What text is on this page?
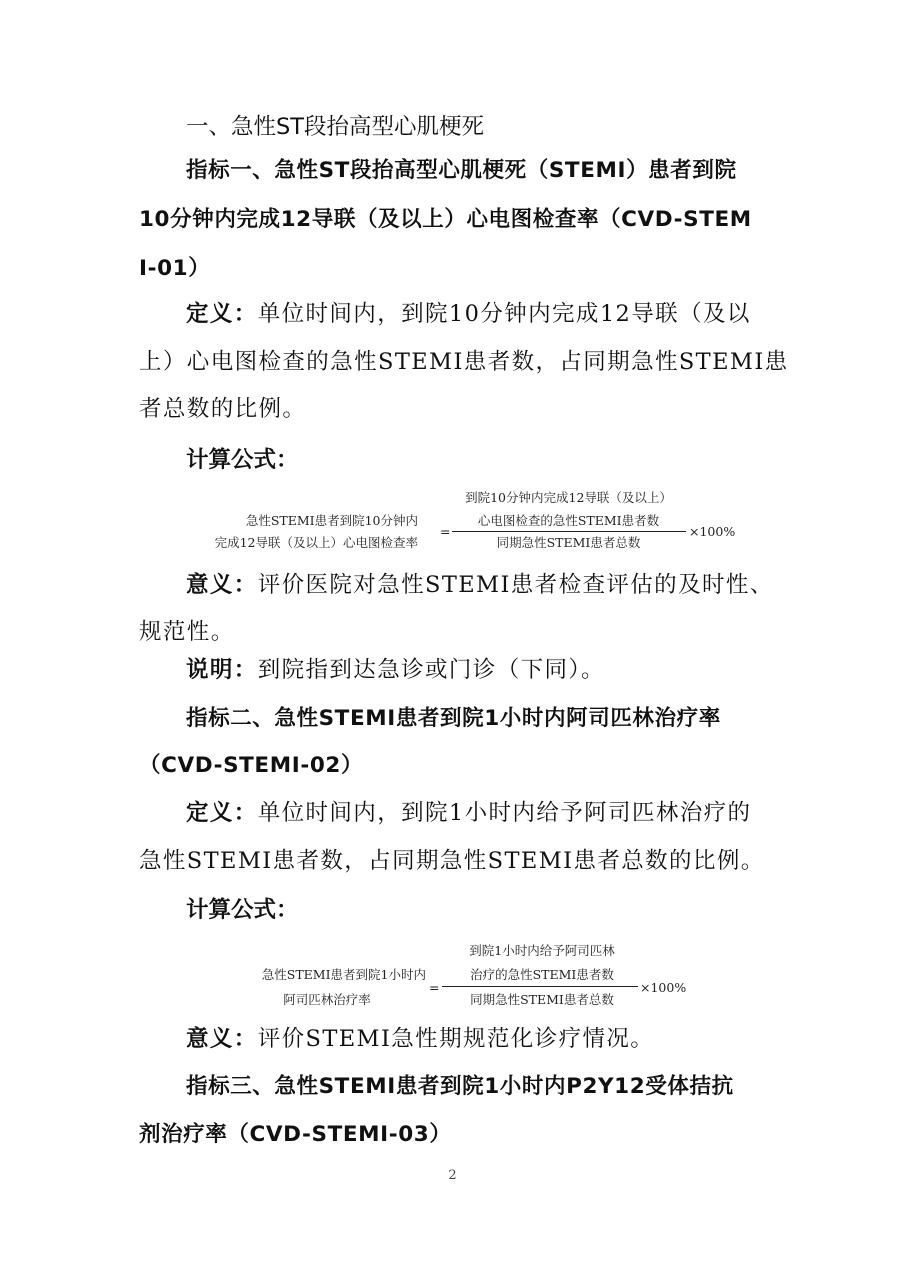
一、急性ST段抬高型心肌梗死
指标一、急性ST段抬高型心肌梗死（STEMI）患者到院
10分钟内完成12导联（及以上）心电图检查率（CVD-STEM
I-01）
定义：单位时间内，到院10分钟内完成12导联（及以
上）心电图检查的急性STEMI患者数，占同期急性STEMI患
者总数的比例。
计算公式：
急性STEMI患者到院10分钟内
完成12导联（及以上）心电图检查率
=
到院10分钟内完成12导联（及以上）
心电图检查的急性STEMI患者数
同期急性STEMI患者总数
×100%
意义：评价医院对急性STEMI患者检查评估的及时性、
规范性。
说明：到院指到达急诊或门诊（下同）。
指标二、急性STEMI患者到院1小时内阿司匹林治疗率
（CVD-STEMI-02）
定义：单位时间内，到院1小时内给予阿司匹林治疗的
急性STEMI患者数，占同期急性STEMI患者总数的比例。
计算公式：
急性STEMI患者到院1小时内
阿司匹林治疗率
=
到院1小时内给予阿司匹林
治疗的急性STEMI患者数
同期急性STEMI患者总数
×100%
意义：评价STEMI急性期规范化诊疗情况。
指标三、急性STEMI患者到院1小时内P2Y12受体拮抗
剂治疗率（CVD-STEMI-03）
2
